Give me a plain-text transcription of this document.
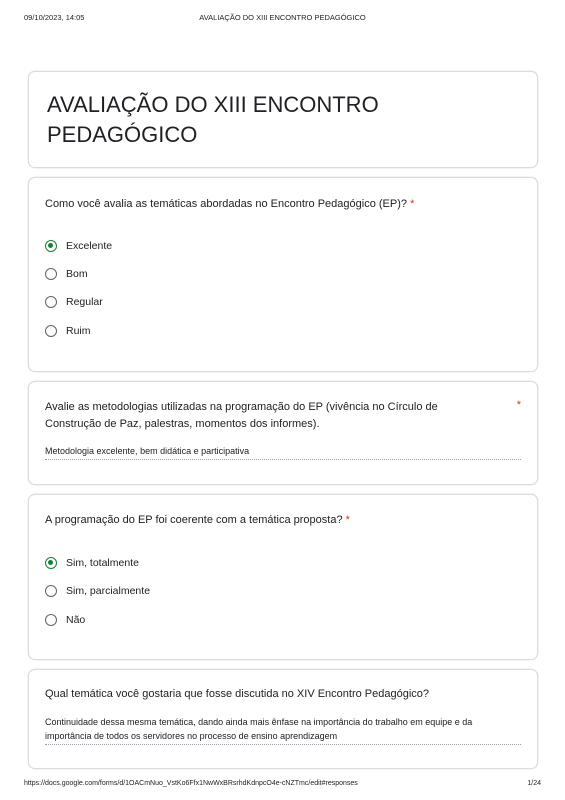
09/10/2023, 14:05	AVALIAÇÃO DO XIII ENCONTRO PEDAGÓGICO
AVALIAÇÃO DO XIII ENCONTRO PEDAGÓGICO
Como você avalia as temáticas abordadas no Encontro Pedagógico (EP)? *
Excelente
Bom
Regular
Ruim
Avalie as metodologias utilizadas na programação do EP (vivência no Círculo de Construção de Paz, palestras, momentos dos informes).
*
Metodologia excelente, bem didática e participativa
A programação do EP foi coerente com a temática proposta? *
Sim, totalmente
Sim, parcialmente
Não
Qual temática você gostaria que fosse discutida no XIV Encontro Pedagógico?
Continuidade dessa mesma temática, dando ainda mais ênfase na importância do trabalho em equipe e da importância de todos os servidores no processo de ensino aprendizagem
https://docs.google.com/forms/d/1OACmNuo_VstKo6Ffx1NwWxBRsrhdKdnpcO4e-cNZTmc/edit#responses	1/24
